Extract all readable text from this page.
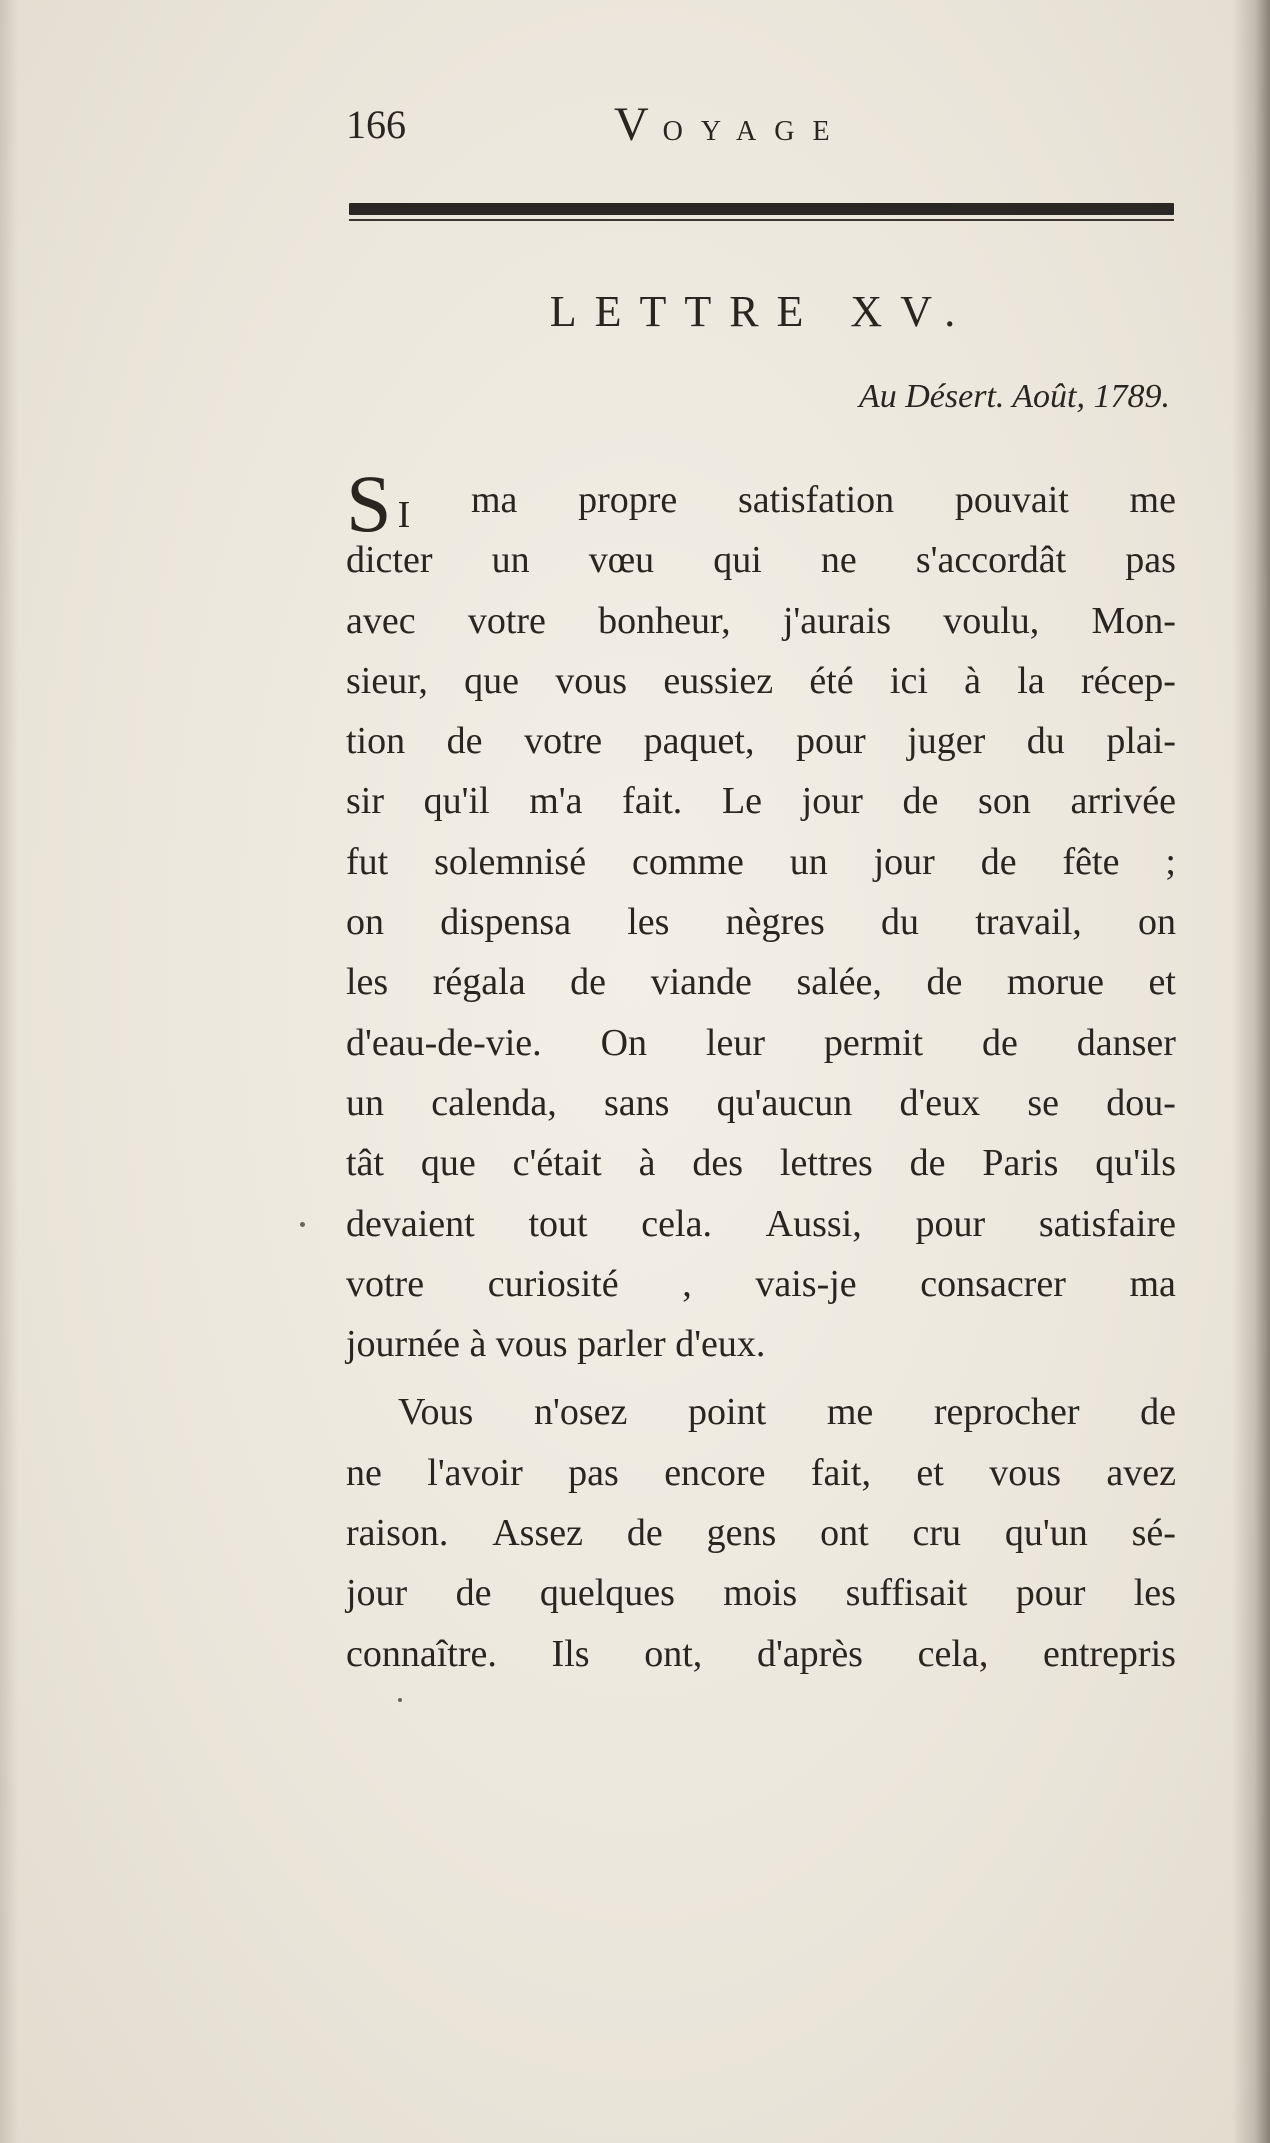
166	VOYAGE
LETTRE XV.
Au Désert. Août, 1789.
S I ma propre satisfation pouvait me
dicter un vœu qui ne s'accordât pas
avec votre bonheur, j'aurais voulu, Mon-
sieur, que vous eussiez été ici à la récep-
tion de votre paquet, pour juger du plai-
sir qu'il m'a fait. Le jour de son arrivée
fut solemnisé comme un jour de fête ;
on dispensa les nègres du travail, on
les régala de viande salée, de morue et
d'eau-de-vie. On leur permit de danser
un calenda, sans qu'aucun d'eux se dou-
tât que c'était à des lettres de Paris qu'ils
devaient tout cela. Aussi, pour satisfaire
votre curiosité , vais-je consacrer ma
journée à vous parler d'eux.
Vous n'osez point me reprocher de
ne l'avoir pas encore fait, et vous avez
raison. Assez de gens ont cru qu'un sé-
jour de quelques mois suffisait pour les
connaître. Ils ont, d'après cela, entrepris
